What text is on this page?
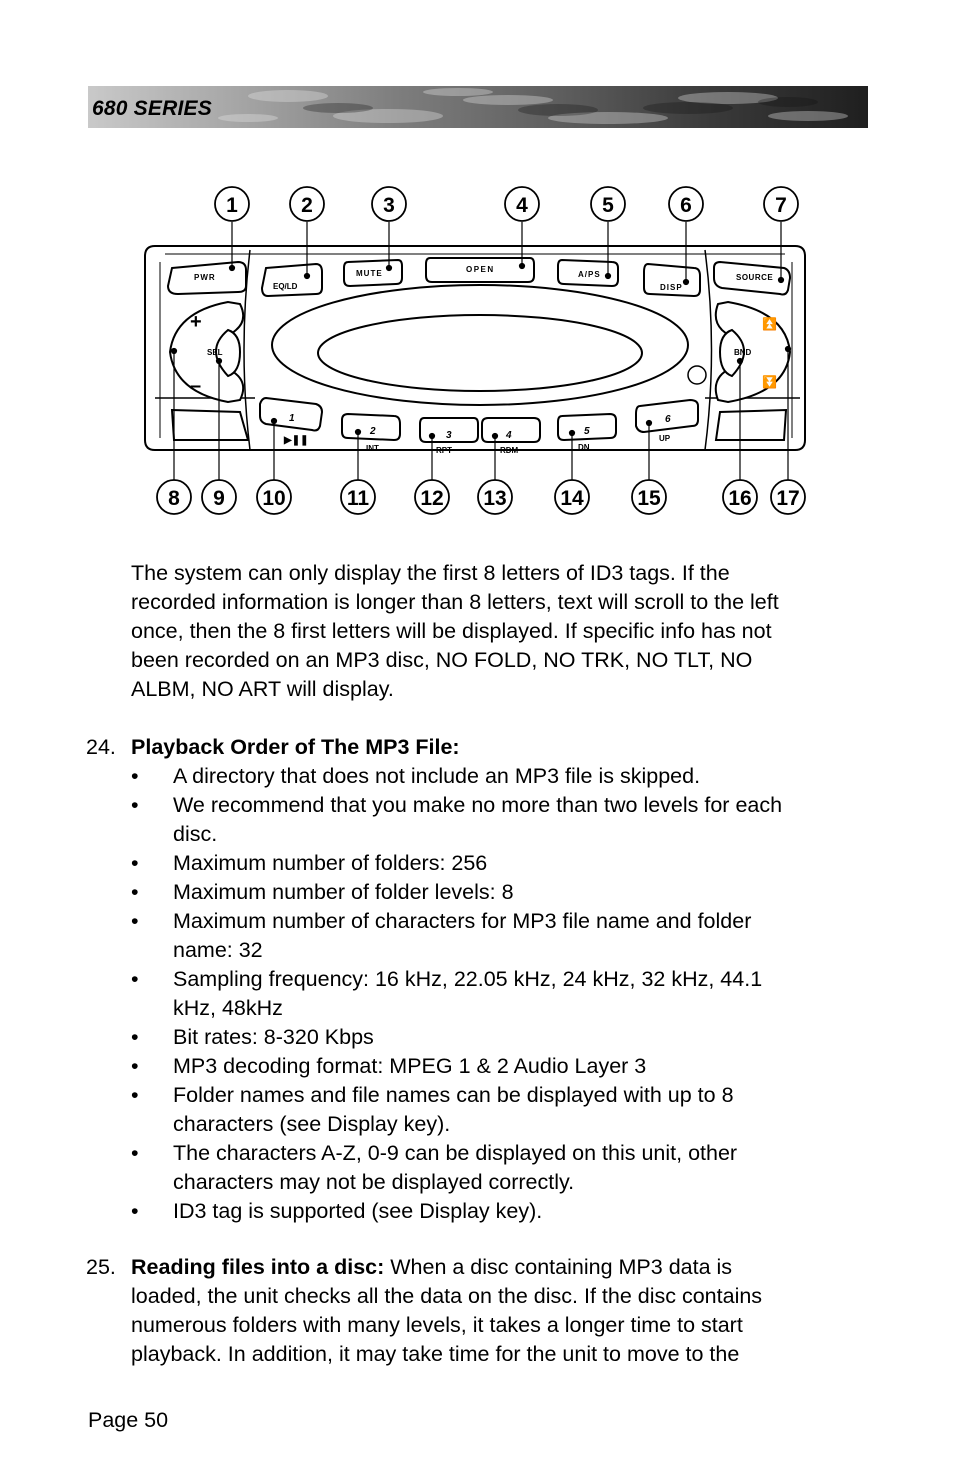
680 SERIES
PWR
EQ/LD
MUTE	OPEN
A/PS
DISP
SOURCE
+
–
SEL
⏫
⏬
BND
1
▶❚❚
2
INT
3
RPT
4
RDM
5
DN
6
UP
1	2	3	4	5	6	7
8 9 10	11 12 13	14	15	16 17
The system can only display the first 8 letters of ID3 tags. If the
recorded information is longer than 8 letters, text will scroll to the left
once, then the 8 first letters will be displayed. If specific info has not
been recorded on an MP3 disc, NO FOLD, NO TRK, NO TLT, NO
ALBM, NO ART will display.
24. Playback Order of The MP3 File:
• A directory that does not include an MP3 file is skipped.
• We recommend that you make no more than two levels for each
disc.
• Maximum number of folders: 256
• Maximum number of folder levels: 8
• Maximum number of characters for MP3 file name and folder
name: 32
• Sampling frequency: 16 kHz, 22.05 kHz, 24 kHz, 32 kHz, 44.1
kHz, 48kHz
• Bit rates: 8-320 Kbps
• MP3 decoding format: MPEG 1 & 2 Audio Layer 3
• Folder names and file names can be displayed with up to 8
characters (see Display key).
• The characters A-Z, 0-9 can be displayed on this unit, other
characters may not be displayed correctly.
• ID3 tag is supported (see Display key).
25. Reading files into a disc: When a disc containing MP3 data is
loaded, the unit checks all the data on the disc. If the disc contains
numerous folders with many levels, it takes a longer time to start
playback. In addition, it may take time for the unit to move to the
Page 50
